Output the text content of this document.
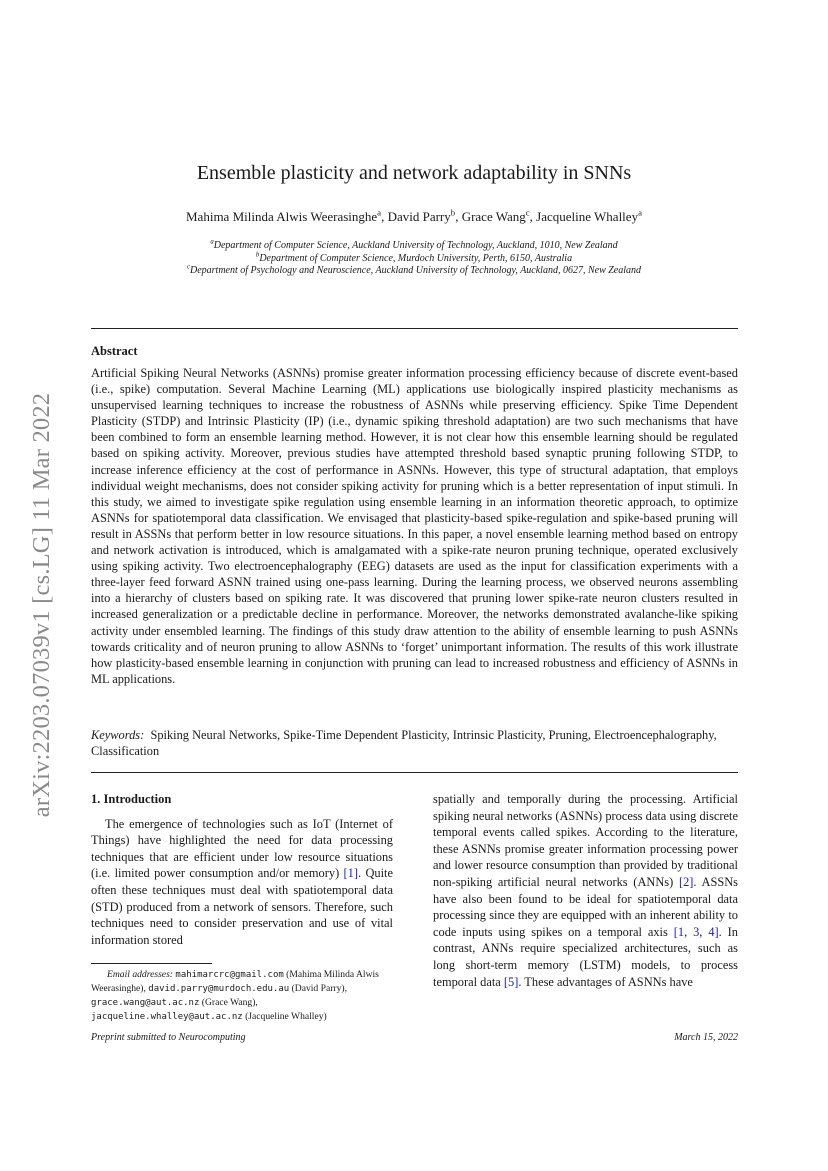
arXiv:2203.07039v1 [cs.LG] 11 Mar 2022
Ensemble plasticity and network adaptability in SNNs
Mahima Milinda Alwis Weerasinghe$^a$, David Parry$^b$, Grace Wang$^c$, Jacqueline Whalley$^a$
$^a$Department of Computer Science, Auckland University of Technology, Auckland, 1010, New Zealand
$^b$Department of Computer Science, Murdoch University, Perth, 6150, Australia
$^c$Department of Psychology and Neuroscience, Auckland University of Technology, Auckland, 0627, New Zealand
Abstract
Artificial Spiking Neural Networks (ASNNs) promise greater information processing efficiency because of discrete event-based (i.e., spike) computation. Several Machine Learning (ML) applications use biologically inspired plasticity mechanisms as unsupervised learning techniques to increase the robustness of ASNNs while preserving efficiency. Spike Time Dependent Plasticity (STDP) and Intrinsic Plasticity (IP) (i.e., dynamic spiking threshold adaptation) are two such mechanisms that have been combined to form an ensemble learning method. However, it is not clear how this ensemble learning should be regulated based on spiking activity. Moreover, previous studies have attempted threshold based synaptic pruning following STDP, to increase inference efficiency at the cost of performance in ASNNs. However, this type of structural adaptation, that employs individual weight mechanisms, does not consider spiking activity for pruning which is a better representation of input stimuli. In this study, we aimed to investigate spike regulation using ensemble learning in an information theoretic approach, to optimize ASNNs for spatiotemporal data classification. We envisaged that plasticity-based spike-regulation and spike-based pruning will result in ASSNs that perform better in low resource situations. In this paper, a novel ensemble learning method based on entropy and network activation is introduced, which is amalgamated with a spike-rate neuron pruning technique, operated exclusively using spiking activity. Two electroencephalography (EEG) datasets are used as the input for classification experiments with a three-layer feed forward ASNN trained using one-pass learning. During the learning process, we observed neurons assembling into a hierarchy of clusters based on spiking rate. It was discovered that pruning lower spike-rate neuron clusters resulted in increased generalization or a predictable decline in performance. Moreover, the networks demonstrated avalanche-like spiking activity under ensembled learning. The findings of this study draw attention to the ability of ensemble learning to push ASNNs towards criticality and of neuron pruning to allow ASNNs to ‘forget’ unimportant information. The results of this work illustrate how plasticity-based ensemble learning in conjunction with pruning can lead to increased robustness and efficiency of ASNNs in ML applications.
Keywords: Spiking Neural Networks, Spike-Time Dependent Plasticity, Intrinsic Plasticity, Pruning, Electroencephalography, Classification
1. Introduction
The emergence of technologies such as IoT (Internet of Things) have highlighted the need for data processing techniques that are efficient under low resource situations (i.e. limited power consumption and/or memory) [1]. Quite often these techniques must deal with spatiotemporal data (STD) produced from a network of sensors. Therefore, such techniques need to consider preservation and use of vital information stored
spatially and temporally during the processing. Artificial spiking neural networks (ASNNs) process data using discrete temporal events called spikes. According to the literature, these ASNNs promise greater information processing power and lower resource consumption than provided by traditional non-spiking artificial neural networks (ANNs) [2]. ASSNs have also been found to be ideal for spatiotemporal data processing since they are equipped with an inherent ability to code inputs using spikes on a temporal axis [1, 3, 4]. In contrast, ANNs require specialized architectures, such as long short-term memory (LSTM) models, to process temporal data [5]. These advantages of ASNNs have
Email addresses: mahimarcrc@gmail.com (Mahima Milinda Alwis Weerasinghe), david.parry@murdoch.edu.au (David Parry), grace.wang@aut.ac.nz (Grace Wang), jacqueline.whalley@aut.ac.nz (Jacqueline Whalley)
Preprint submitted to Neurocomputing	March 15, 2022
